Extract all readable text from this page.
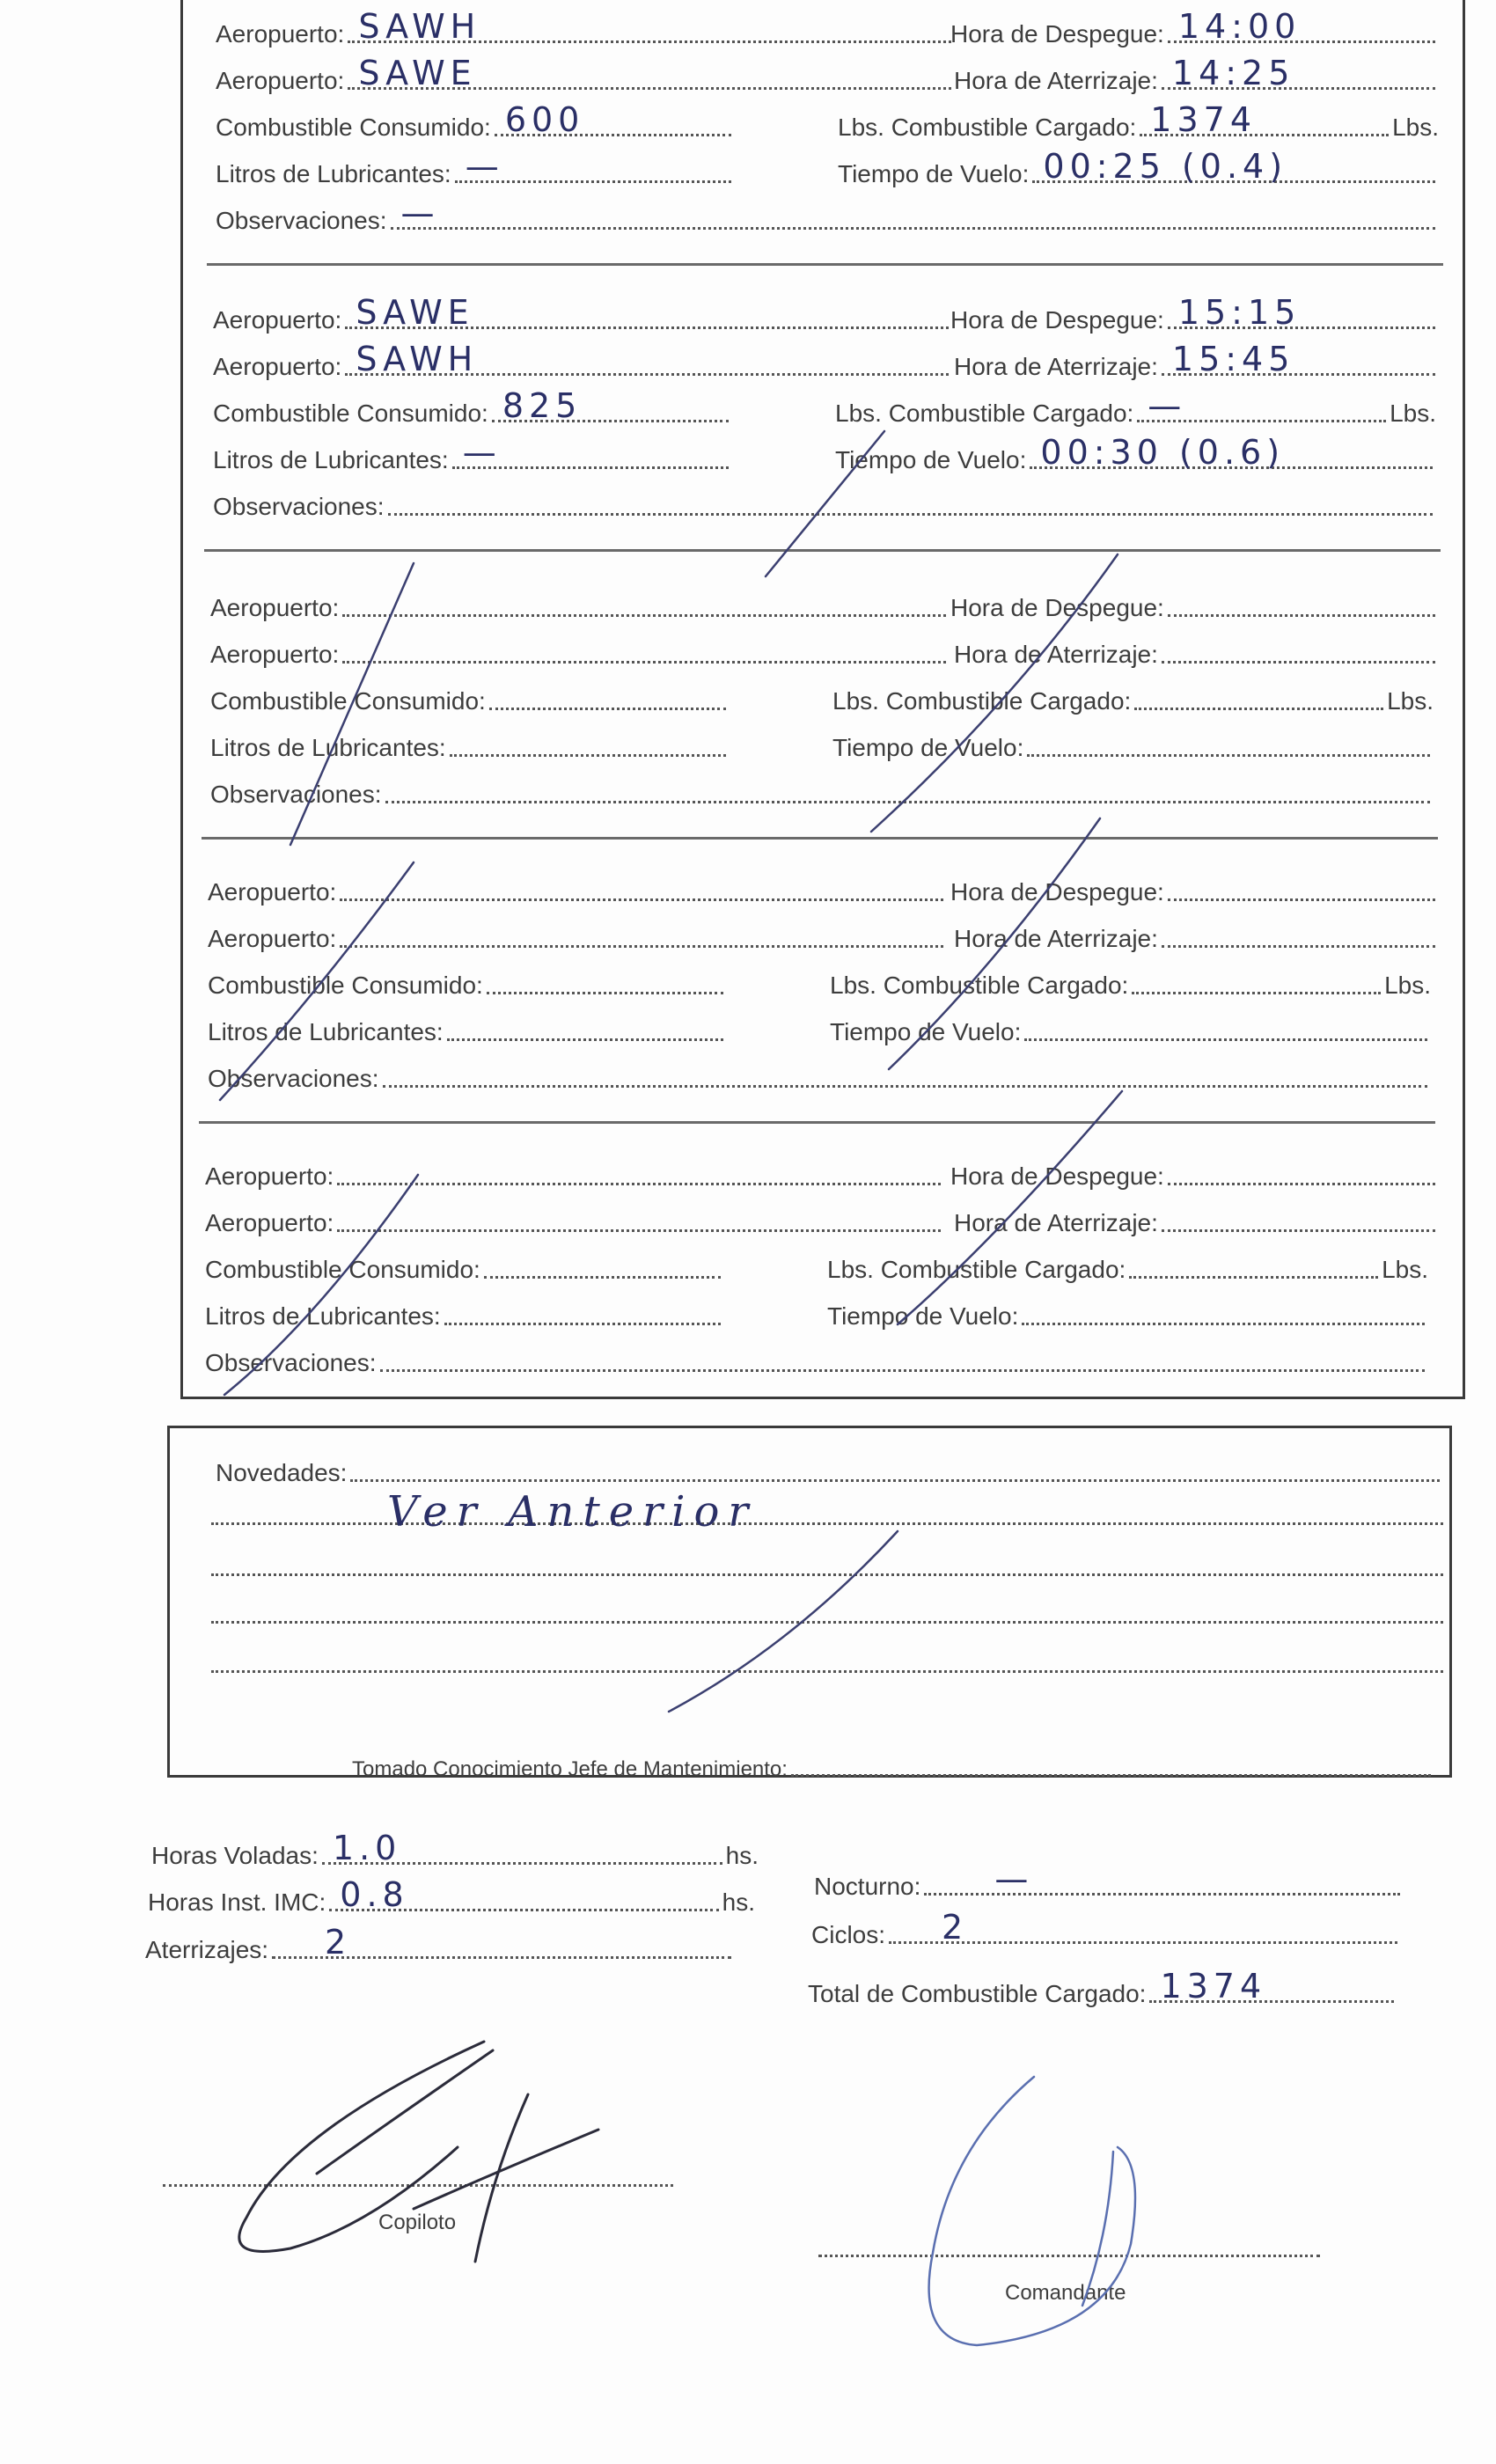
Aeropuerto: SAWH	Hora de Despegue: 14:00
Aeropuerto: SAWE	Hora de Aterrizaje: 14:25
Combustible Consumido: 600	Lbs. Combustible Cargado: 1374	Lbs.
Litros de Lubricantes: —	Tiempo de Vuelo: 00:25 (0.4)
Observaciones: —
Aeropuerto: SAWE	Hora de Despegue: 15:15
Aeropuerto: SAWH	Hora de Aterrizaje: 15:45
Combustible Consumido: 825	Lbs. Combustible Cargado: —	Lbs.
Litros de Lubricantes: —	Tiempo de Vuelo: 00:30 (0.6)
Observaciones:
Aeropuerto:	Hora de Despegue:
Aeropuerto:	Hora de Aterrizaje:
Combustible Consumido:	Lbs. Combustible Cargado:	Lbs.
Litros de Lubricantes:	Tiempo de Vuelo:
Observaciones:
Aeropuerto:	Hora de Despegue:
Aeropuerto:	Hora de Aterrizaje:
Combustible Consumido:	Lbs. Combustible Cargado:	Lbs.
Litros de Lubricantes:	Tiempo de Vuelo:
Observaciones:
Aeropuerto:	Hora de Despegue:
Aeropuerto:	Hora de Aterrizaje:
Combustible Consumido:	Lbs. Combustible Cargado:	Lbs.
Litros de Lubricantes:	Tiempo de Vuelo:
Observaciones:
Novedades:
Ver Anterior
Tomado Conocimiento Jefe de Mantenimiento:
Horas Voladas: 1.0	hs.
Horas Inst. IMC: 0.8	hs.
Aterrizajes: 2
Nocturno: —
Ciclos: 2
Total de Combustible Cargado: 1374
Copiloto
Comandante
